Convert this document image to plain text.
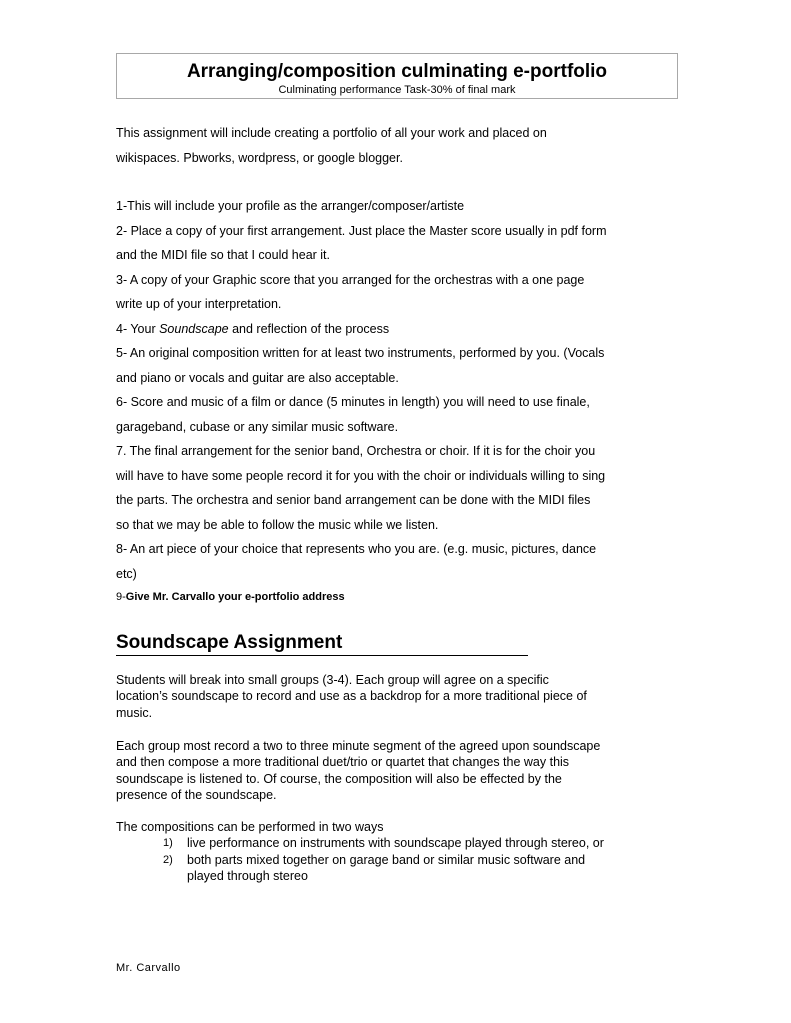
Arranging/composition culminating e-portfolio
Culminating performance Task-30% of final mark
This assignment will include creating a portfolio of all your work and placed on
wikispaces. Pbworks, wordpress, or google blogger.
1-This will include your profile as the arranger/composer/artiste
2- Place a copy of your first arrangement. Just place the Master score usually in pdf form
and the MIDI file so that I could hear it.
3- A copy of your Graphic score that you arranged for the orchestras with a one page
write up of your interpretation.
4- Your Soundscape and reflection of the process
5- An original composition written for at least two instruments, performed by you. (Vocals
and piano or vocals and guitar are also acceptable.
6- Score and music of a film or dance (5 minutes in length) you will need to use finale,
garageband, cubase or any similar music software.
7. The final arrangement for the senior band, Orchestra or choir. If it is for the choir you
will have to have some people record it for you with the choir or individuals willing to sing
the parts. The orchestra and senior band arrangement can be done with the MIDI files
so that we may be able to follow the music while we listen.
8- An art piece of your choice that represents who you are. (e.g. music, pictures, dance
etc)
9-Give Mr. Carvallo your e-portfolio address
Soundscape Assignment
Students will break into small groups (3-4). Each group will agree on a specific
location’s soundscape to record and use as a backdrop for a more traditional piece of
music.
Each group most record a two to three minute segment of the agreed upon soundscape
and then compose a more traditional duet/trio or quartet that changes the way this
soundscape is listened to. Of course, the composition will also be effected by the
presence of the soundscape.
The compositions can be performed in two ways
1) live performance on instruments with soundscape played through stereo, or
2) both parts mixed together on garage band or similar music software and
played through stereo
Mr. Carvallo
